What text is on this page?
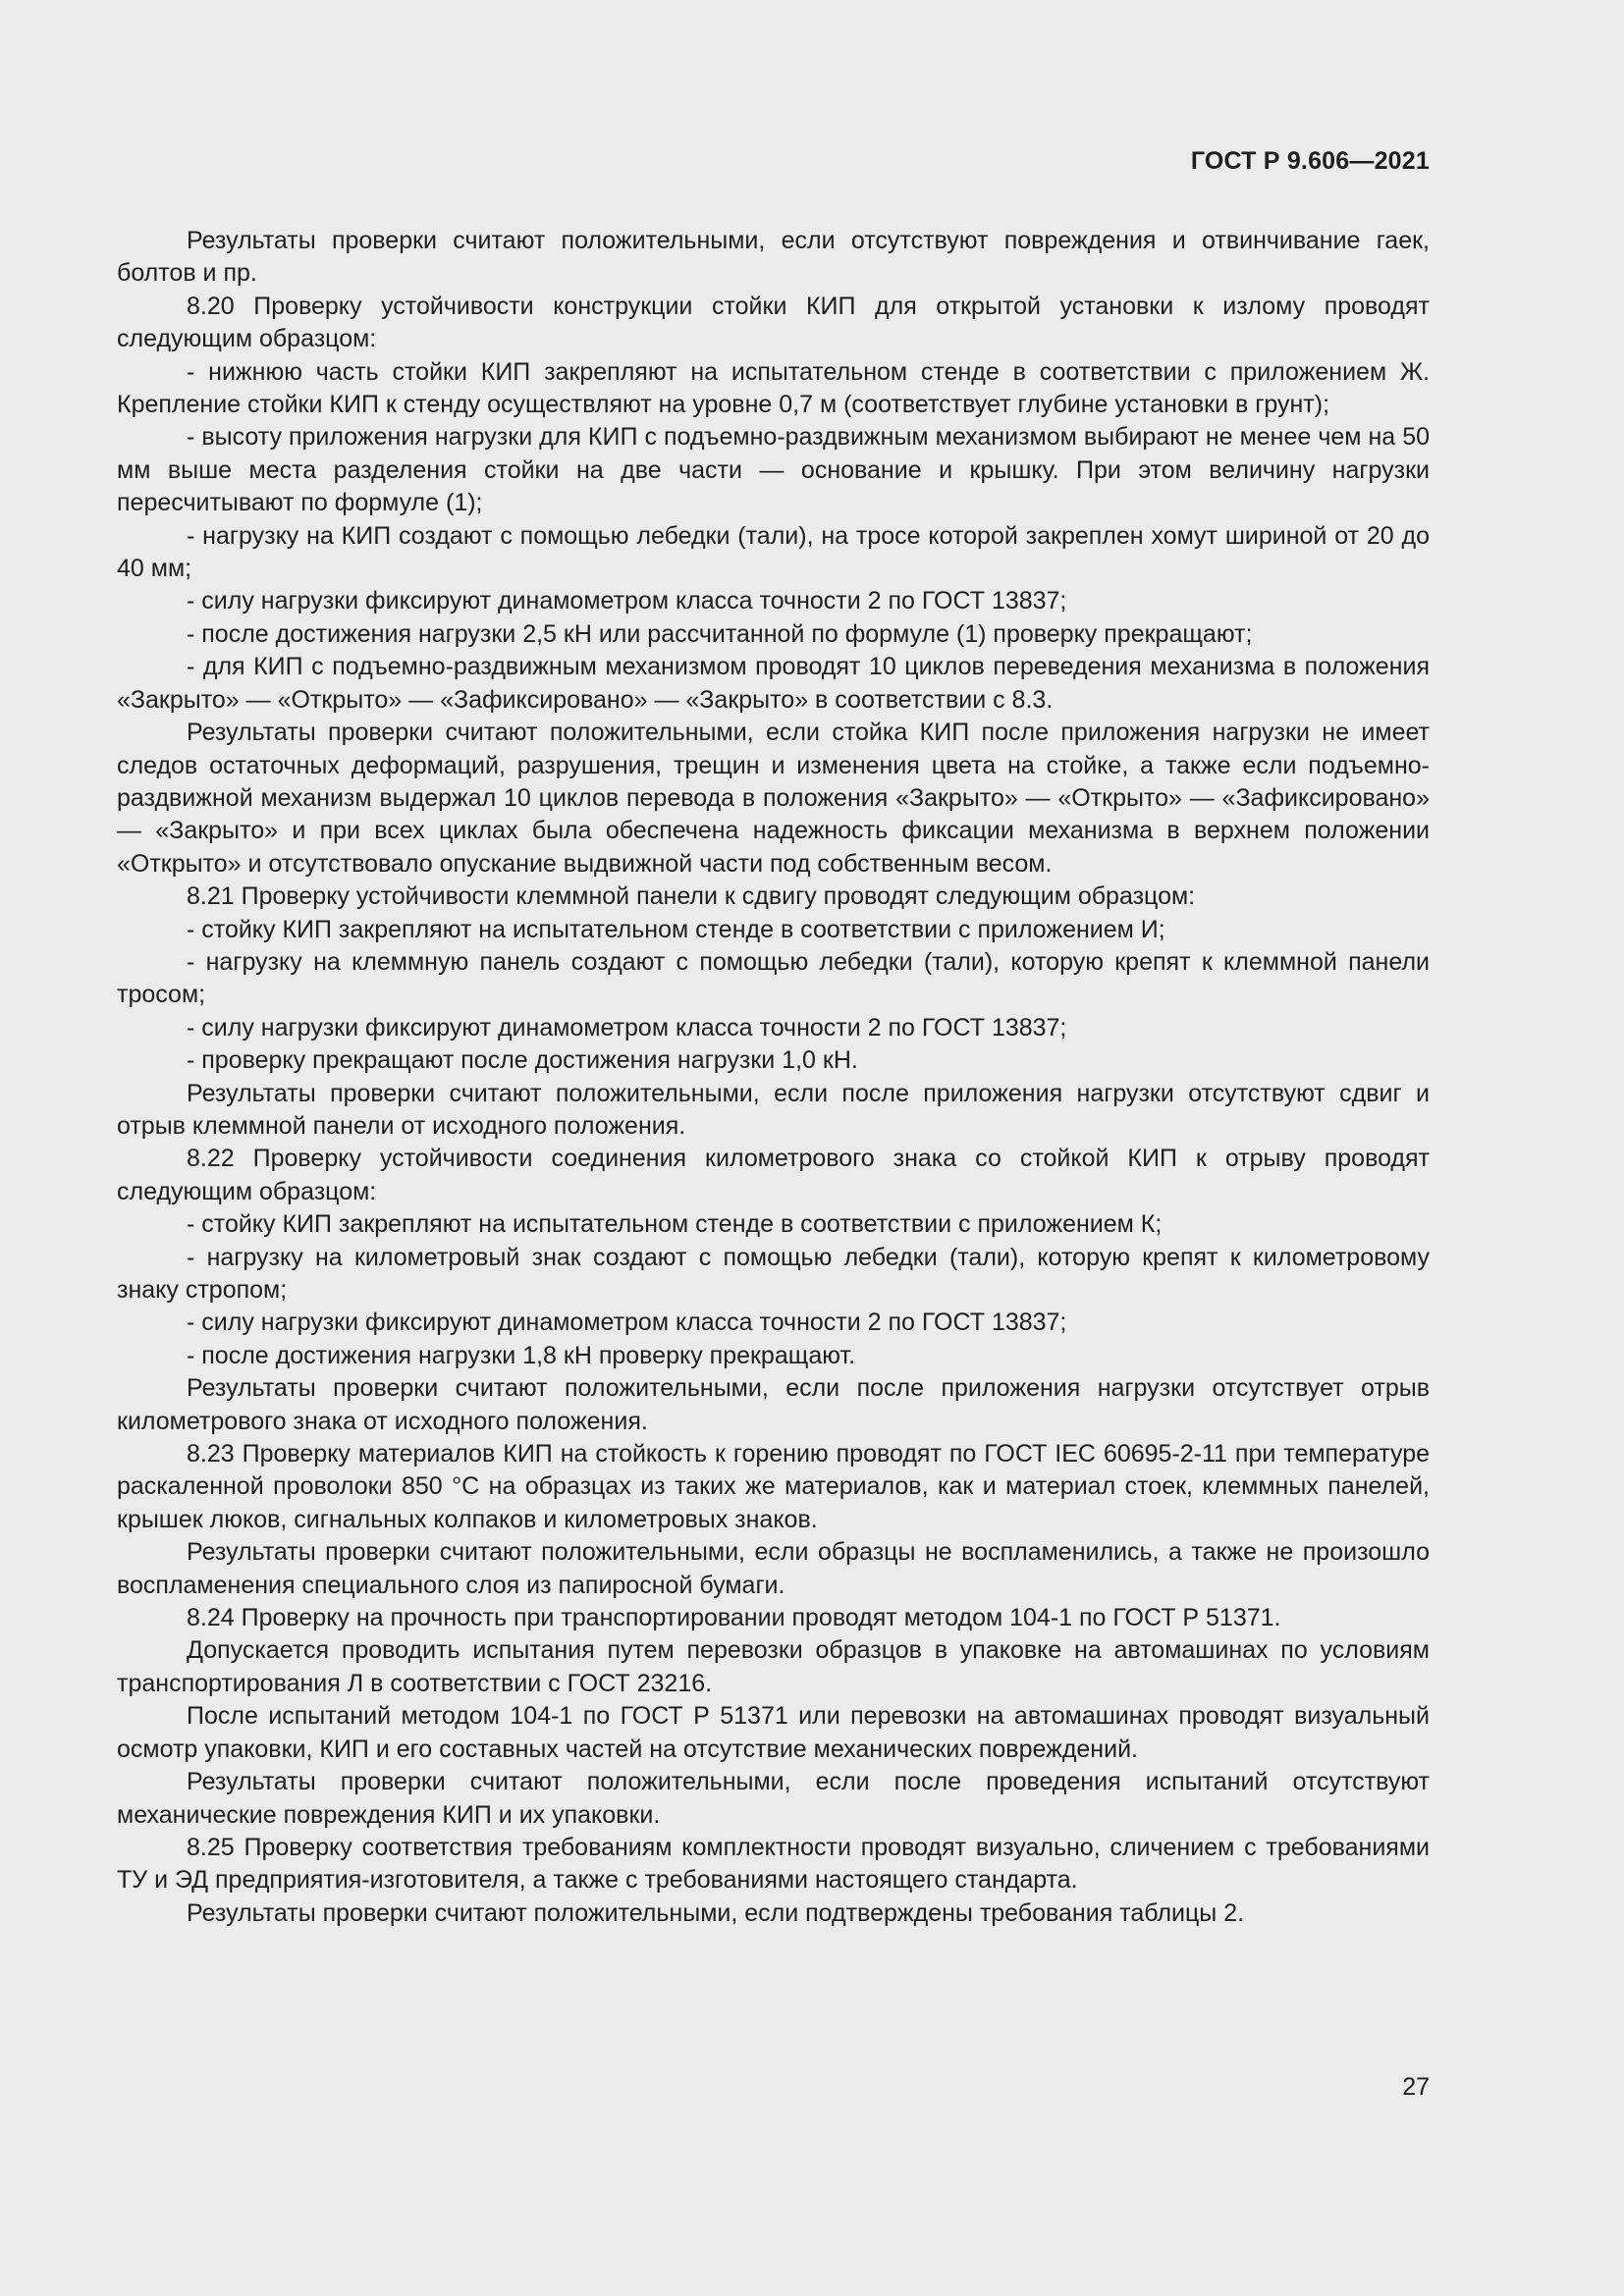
ГОСТ Р 9.606—2021

Результаты проверки считают положительными, если отсутствуют повреждения и отвинчивание гаек, болтов и пр.

8.20 Проверку устойчивости конструкции стойки КИП для открытой установки к излому проводят следующим образцом:

- нижнюю часть стойки КИП закрепляют на испытательном стенде в соответствии с приложением Ж. Крепление стойки КИП к стенду осуществляют на уровне 0,7 м (соответствует глубине установки в грунт);

- высоту приложения нагрузки для КИП с подъемно-раздвижным механизмом выбирают не менее чем на 50 мм выше места разделения стойки на две части — основание и крышку. При этом величину нагрузки пересчитывают по формуле (1);

- нагрузку на КИП создают с помощью лебедки (тали), на тросе которой закреплен хомут шириной от 20 до 40 мм;

- силу нагрузки фиксируют динамометром класса точности 2 по ГОСТ 13837;

- после достижения нагрузки 2,5 кН или рассчитанной по формуле (1) проверку прекращают;

- для КИП с подъемно-раздвижным механизмом проводят 10 циклов переведения механизма в положения «Закрыто» — «Открыто» — «Зафиксировано» — «Закрыто» в соответствии с 8.3.

Результаты проверки считают положительными, если стойка КИП после приложения нагрузки не имеет следов остаточных деформаций, разрушения, трещин и изменения цвета на стойке, а также если подъемно-раздвижной механизм выдержал 10 циклов перевода в положения «Закрыто» — «Открыто» — «Зафиксировано» — «Закрыто» и при всех циклах была обеспечена надежность фиксации механизма в верхнем положении «Открыто» и отсутствовало опускание выдвижной части под собственным весом.

8.21 Проверку устойчивости клеммной панели к сдвигу проводят следующим образцом:

- стойку КИП закрепляют на испытательном стенде в соответствии с приложением И;

- нагрузку на клеммную панель создают с помощью лебедки (тали), которую крепят к клеммной панели тросом;

- силу нагрузки фиксируют динамометром класса точности 2 по ГОСТ 13837;

- проверку прекращают после достижения нагрузки 1,0 кН.

Результаты проверки считают положительными, если после приложения нагрузки отсутствуют сдвиг и отрыв клеммной панели от исходного положения.

8.22 Проверку устойчивости соединения километрового знака со стойкой КИП к отрыву проводят следующим образцом:

- стойку КИП закрепляют на испытательном стенде в соответствии с приложением К;

- нагрузку на километровый знак создают с помощью лебедки (тали), которую крепят к километровому знаку стропом;

- силу нагрузки фиксируют динамометром класса точности 2 по ГОСТ 13837;

- после достижения нагрузки 1,8 кН проверку прекращают.

Результаты проверки считают положительными, если после приложения нагрузки отсутствует отрыв километрового знака от исходного положения.

8.23 Проверку материалов КИП на стойкость к горению проводят по ГОСТ IEC 60695-2-11 при температуре раскаленной проволоки 850 °С на образцах из таких же материалов, как и материал стоек, клеммных панелей, крышек люков, сигнальных колпаков и километровых знаков.

Результаты проверки считают положительными, если образцы не воспламенились, а также не произошло воспламенения специального слоя из папиросной бумаги.

8.24 Проверку на прочность при транспортировании проводят методом 104-1 по ГОСТ Р 51371.

Допускается проводить испытания путем перевозки образцов в упаковке на автомашинах по условиям транспортирования Л в соответствии с ГОСТ 23216.

После испытаний методом 104-1 по ГОСТ Р 51371 или перевозки на автомашинах проводят визуальный осмотр упаковки, КИП и его составных частей на отсутствие механических повреждений.

Результаты проверки считают положительными, если после проведения испытаний отсутствуют механические повреждения КИП и их упаковки.

8.25 Проверку соответствия требованиям комплектности проводят визуально, сличением с требованиями ТУ и ЭД предприятия-изготовителя, а также с требованиями настоящего стандарта.

Результаты проверки считают положительными, если подтверждены требования таблицы 2.

27
